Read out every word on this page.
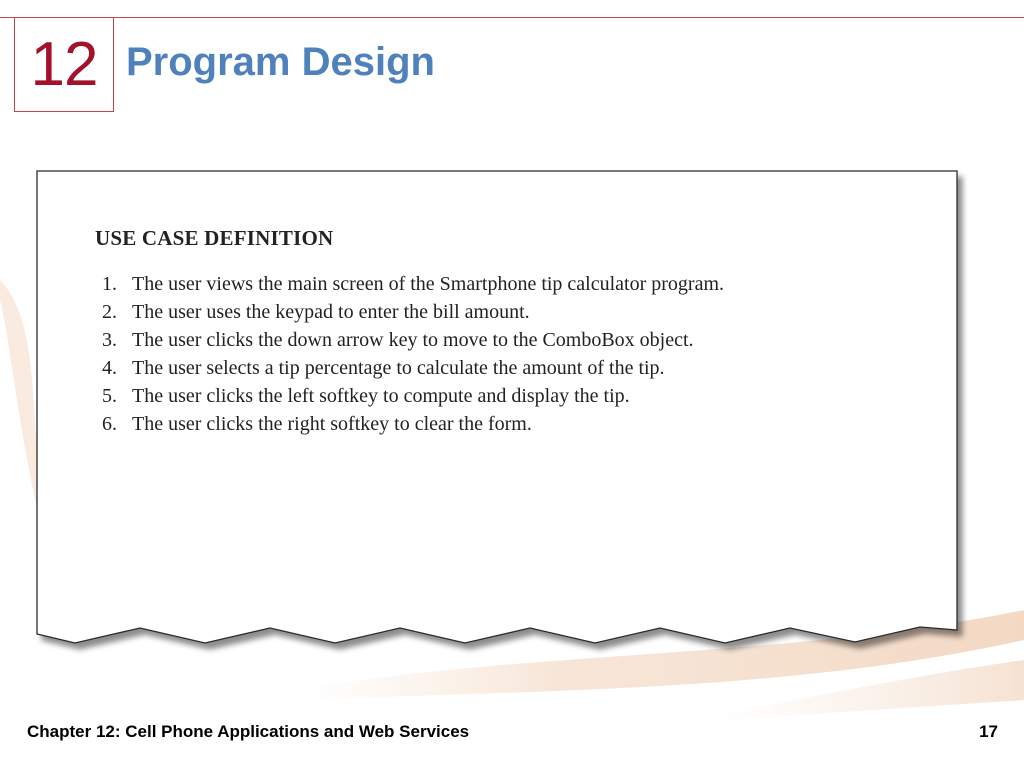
12 Program Design
USE CASE DEFINITION
1. The user views the main screen of the Smartphone tip calculator program.
2. The user uses the keypad to enter the bill amount.
3. The user clicks the down arrow key to move to the ComboBox object.
4. The user selects a tip percentage to calculate the amount of the tip.
5. The user clicks the left softkey to compute and display the tip.
6. The user clicks the right softkey to clear the form.
Chapter 12: Cell Phone Applications and Web Services	17
